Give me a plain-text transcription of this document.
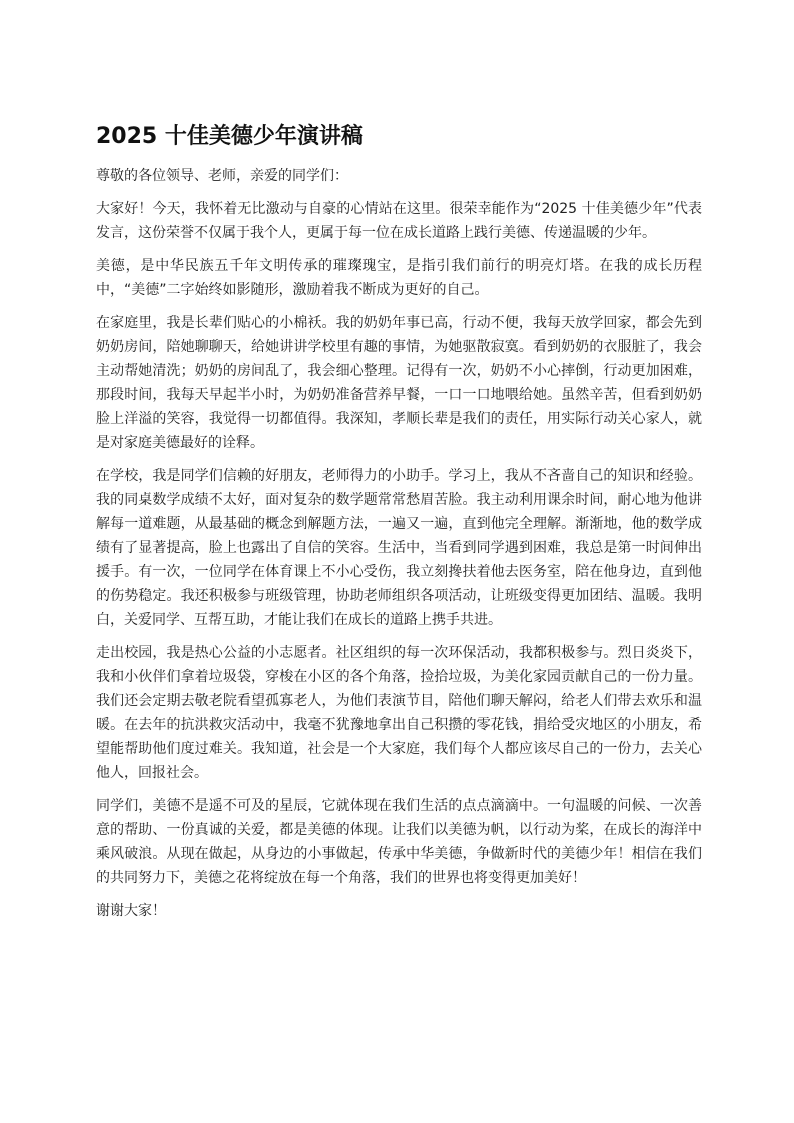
2025 十佳美德少年演讲稿

尊敬的各位领导、老师，亲爱的同学们：

大家好！今天，我怀着无比激动与自豪的心情站在这里。很荣幸能作为“2025 十佳美德少年”代表发言，这份荣誉不仅属于我个人，更属于每一位在成长道路上践行美德、传递温暖的少年。

美德，是中华民族五千年文明传承的璀璨瑰宝，是指引我们前行的明亮灯塔。在我的成长历程中，“美德”二字始终如影随形，激励着我不断成为更好的自己。

在家庭里，我是长辈们贴心的小棉袄。我的奶奶年事已高，行动不便，我每天放学回家，都会先到奶奶房间，陪她聊聊天，给她讲讲学校里有趣的事情，为她驱散寂寞。看到奶奶的衣服脏了，我会主动帮她清洗；奶奶的房间乱了，我会细心整理。记得有一次，奶奶不小心摔倒，行动更加困难，那段时间，我每天早起半小时，为奶奶准备营养早餐，一口一口地喂给她。虽然辛苦，但看到奶奶脸上洋溢的笑容，我觉得一切都值得。我深知，孝顺长辈是我们的责任，用实际行动关心家人，就是对家庭美德最好的诠释。

在学校，我是同学们信赖的好朋友，老师得力的小助手。学习上，我从不吝啬自己的知识和经验。我的同桌数学成绩不太好，面对复杂的数学题常常愁眉苦脸。我主动利用课余时间，耐心地为他讲解每一道难题，从最基础的概念到解题方法，一遍又一遍，直到他完全理解。渐渐地，他的数学成绩有了显著提高，脸上也露出了自信的笑容。生活中，当看到同学遇到困难，我总是第一时间伸出援手。有一次，一位同学在体育课上不小心受伤，我立刻搀扶着他去医务室，陪在他身边，直到他的伤势稳定。我还积极参与班级管理，协助老师组织各项活动，让班级变得更加团结、温暖。我明白，关爱同学、互帮互助，才能让我们在成长的道路上携手共进。

走出校园，我是热心公益的小志愿者。社区组织的每一次环保活动，我都积极参与。烈日炎炎下，我和小伙伴们拿着垃圾袋，穿梭在小区的各个角落，捡拾垃圾，为美化家园贡献自己的一份力量。我们还会定期去敬老院看望孤寡老人，为他们表演节目，陪他们聊天解闷，给老人们带去欢乐和温暖。在去年的抗洪救灾活动中，我毫不犹豫地拿出自己积攒的零花钱，捐给受灾地区的小朋友，希望能帮助他们度过难关。我知道，社会是一个大家庭，我们每个人都应该尽自己的一份力，去关心他人，回报社会。

同学们，美德不是遥不可及的星辰，它就体现在我们生活的点点滴滴中。一句温暖的问候、一次善意的帮助、一份真诚的关爱，都是美德的体现。让我们以美德为帆，以行动为桨，在成长的海洋中乘风破浪。从现在做起，从身边的小事做起，传承中华美德，争做新时代的美德少年！相信在我们的共同努力下，美德之花将绽放在每一个角落，我们的世界也将变得更加美好！

谢谢大家！
